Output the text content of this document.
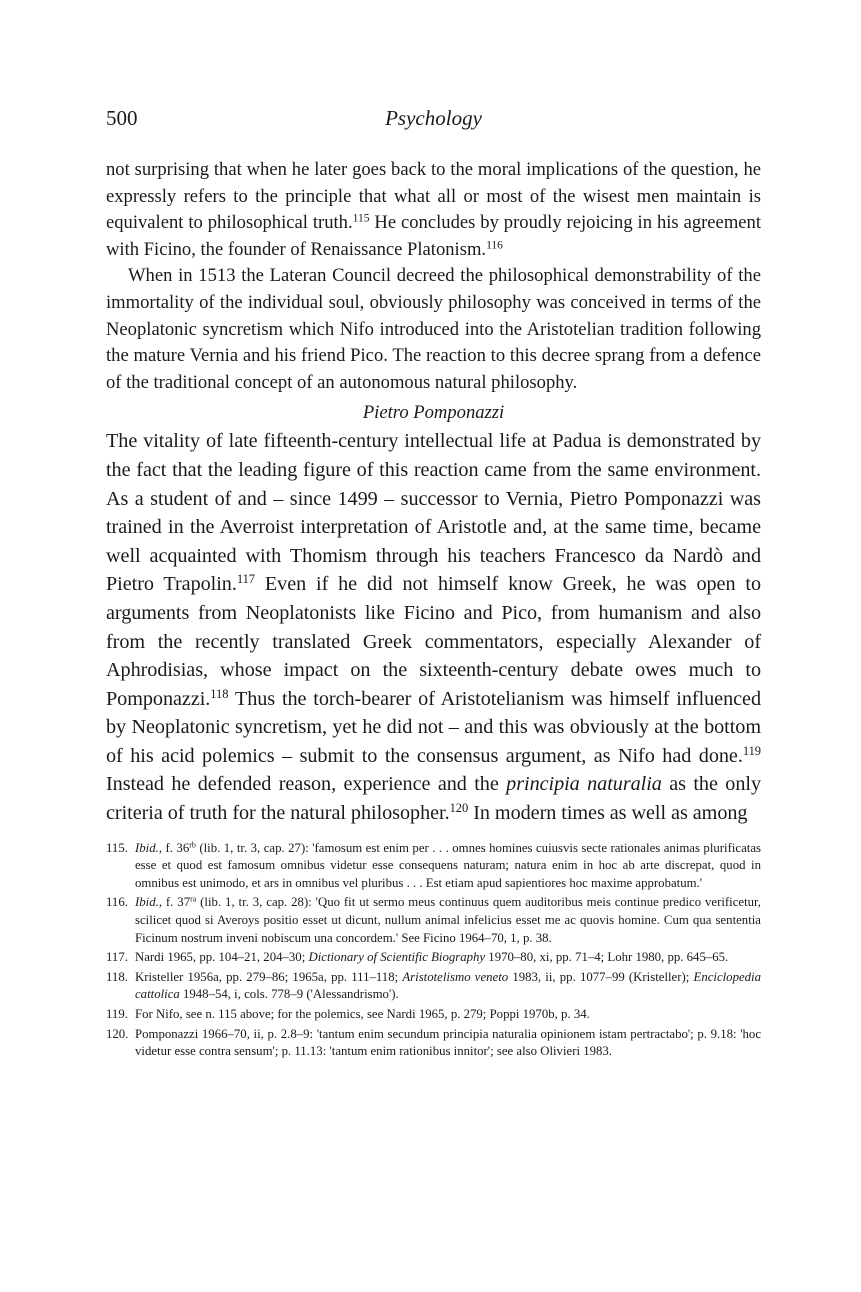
500	Psychology

not surprising that when he later goes back to the moral implications of the question, he expressly refers to the principle that what all or most of the wisest men maintain is equivalent to philosophical truth.$^{115}$ He concludes by proudly rejoicing in his agreement with Ficino, the founder of Renaissance Platonism.$^{116}$

When in 1513 the Lateran Council decreed the philosophical demonstrability of the immortality of the individual soul, obviously philosophy was conceived in terms of the Neoplatonic syncretism which Nifo introduced into the Aristotelian tradition following the mature Vernia and his friend Pico. The reaction to this decree sprang from a defence of the traditional concept of an autonomous natural philosophy.

Pietro Pomponazzi

The vitality of late fifteenth-century intellectual life at Padua is demonstrated by the fact that the leading figure of this reaction came from the same environment. As a student of and – since 1499 – successor to Vernia, Pietro Pomponazzi was trained in the Averroist interpretation of Aristotle and, at the same time, became well acquainted with Thomism through his teachers Francesco da Nardò and Pietro Trapolin.$^{117}$ Even if he did not himself know Greek, he was open to arguments from Neoplatonists like Ficino and Pico, from humanism and also from the recently translated Greek commentators, especially Alexander of Aphrodisias, whose impact on the sixteenth-century debate owes much to Pomponazzi.$^{118}$ Thus the torch-bearer of Aristotelianism was himself influenced by Neoplatonic syncretism, yet he did not – and this was obviously at the bottom of his acid polemics – submit to the consensus argument, as Nifo had done.$^{119}$ Instead he defended reason, experience and the principia naturalia as the only criteria of truth for the natural philosopher.$^{120}$ In modern times as well as among

115. Ibid., f. $36^{rb}$ (lib. 1, tr. 3, cap. 27): 'famosum est enim per . . . omnes homines cuiusvis secte rationales animas plurificatas esse et quod est famosum omnibus videtur esse consequens naturam; natura enim in hoc ab arte discrepat, quod in omnibus est unimodo, et ars in omnibus vel pluribus . . . Est etiam apud sapientiores hoc maxime approbatum.'
116. Ibid., f. $37^{ra}$ (lib. 1, tr. 3, cap. 28): 'Quo fit ut sermo meus continuus quem auditoribus meis continue predico verificetur, scilicet quod si Averoys positio esset ut dicunt, nullum animal infelicius esset me ac quovis homine. Cum qua sententia Ficinum nostrum inveni nobiscum una concordem.' See Ficino 1964–70, 1, p. 38.
117. Nardi 1965, pp. 104–21, 204–30; Dictionary of Scientific Biography 1970–80, xi, pp. 71–4; Lohr 1980, pp. 645–65.
118. Kristeller 1956a, pp. 279–86; 1965a, pp. 111–118; Aristotelismo veneto 1983, ii, pp. 1077–99 (Kristeller); Enciclopedia cattolica 1948–54, i, cols. 778–9 ('Alessandrismo').
119. For Nifo, see n. 115 above; for the polemics, see Nardi 1965, p. 279; Poppi 1970b, p. 34.
120. Pomponazzi 1966–70, ii, p. 2.8–9: 'tantum enim secundum principia naturalia opinionem istam pertractabo'; p. 9.18: 'hoc videtur esse contra sensum'; p. 11.13: 'tantum enim rationibus innitor'; see also Olivieri 1983.
